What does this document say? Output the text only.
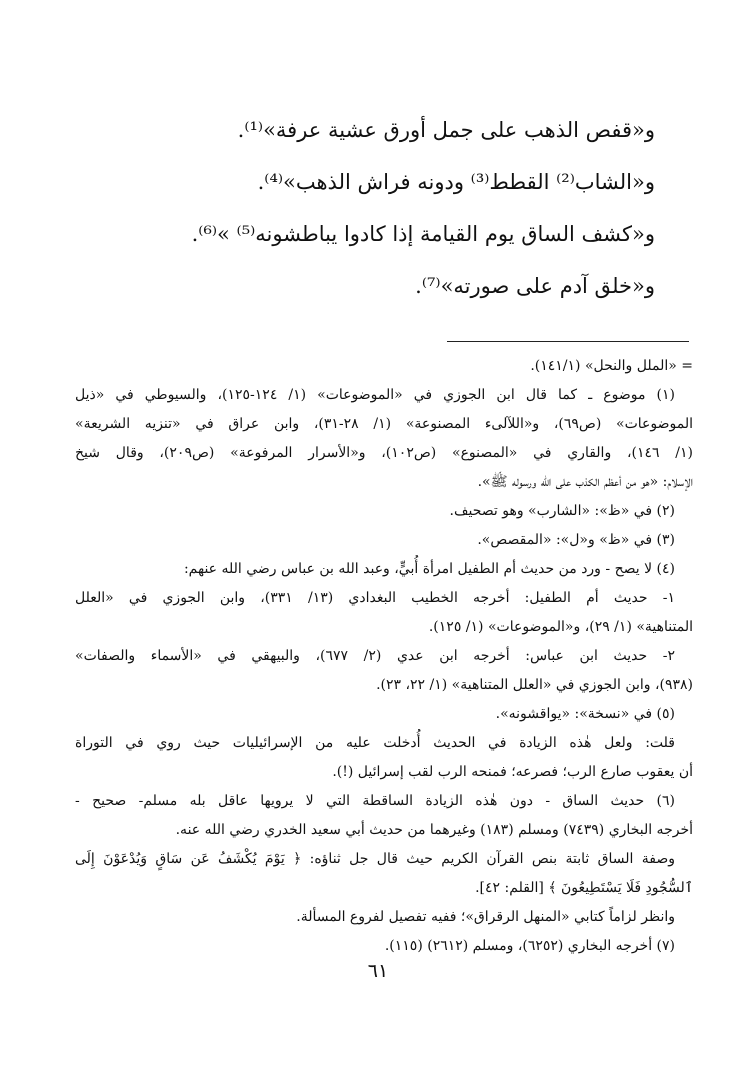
و«قفص الذهب على جمل أورق عشية عرفة»⁽¹⁾.
و«الشاب⁽²⁾ القطط⁽³⁾ ودونه فراش الذهب»⁽⁴⁾.
و«كشف الساق يوم القيامة إذا كادوا يباطشونه⁽⁵⁾ »⁽⁶⁾.
و«خلق آدم على صورته»⁽⁷⁾.
= «الملل والنحل» (١٤١/١).
(١) موضوع ـ كما قال ابن الجوزي في «الموضوعات» (١/ ١٢٤-١٢٥)، والسيوطي في «ذيل
الموضوعات» (ص٦٩)، و«اللآلىء المصنوعة» (١/ ٢٨-٣١)، وابن عراق في «تنزيه الشريعة»
(١/ ١٤٦)، والقاري في «المصنوع» (ص١٠٢)، و«الأسرار المرفوعة» (ص٢٠٩)، وقال شيخ
الإسلام: «هو من أعظم الكذب على الله ورسوله ﷺ».
(٢) في «ظ»: «الشارب» وهو تصحيف.
(٣) في «ظ» و«ل»: «المقصص».
(٤) لا يصح - ورد من حديث أم الطفيل امرأة أُبيٍّ، وعبد الله بن عباس رضي الله عنهم:
١- حديث أم الطفيل: أخرجه الخطيب البغدادي (١٣/ ٣٣١)، وابن الجوزي في «العلل
المتناهية» (١/ ٢٩)، و«الموضوعات» (١/ ١٢٥).
٢- حديث ابن عباس: أخرجه ابن عدي (٢/ ٦٧٧)، والبيهقي في «الأسماء والصفات»
(٩٣٨)، وابن الجوزي في «العلل المتناهية» (١/ ٢٢، ٢٣).
(٥) في «نسخة»: «يواقشونه».
قلت: ولعل هٰذه الزيادة في الحديث أُدخلت عليه من الإسرائيليات حيث روي في التوراة
أن يعقوب صارع الرب؛ فصرعه؛ فمنحه الرب لقب إسرائيل (!).
(٦) حديث الساق - دون هٰذه الزيادة الساقطة التي لا يرويها عاقل بله مسلم- صحيح -
أخرجه البخاري (٧٤٣٩) ومسلم (١٨٣) وغيرهما من حديث أبي سعيد الخدري رضي الله عنه.
وصفة الساق ثابتة بنص القرآن الكريم حيث قال جل ثناؤه: ﴿ يَوْمَ يُكْشَفُ عَن سَاقٍ وَيُدْعَوْنَ إِلَى
ٱلسُّجُودِ فَلَا يَسْتَطِيعُونَ ﴾ [القلم: ٤٢].
وانظر لزاماً كتابي «المنهل الرقراق»؛ ففيه تفصيل لفروع المسألة.
(٧) أخرجه البخاري (٦٢٥٢)، ومسلم (٢٦١٢) (١١٥).
٦١
